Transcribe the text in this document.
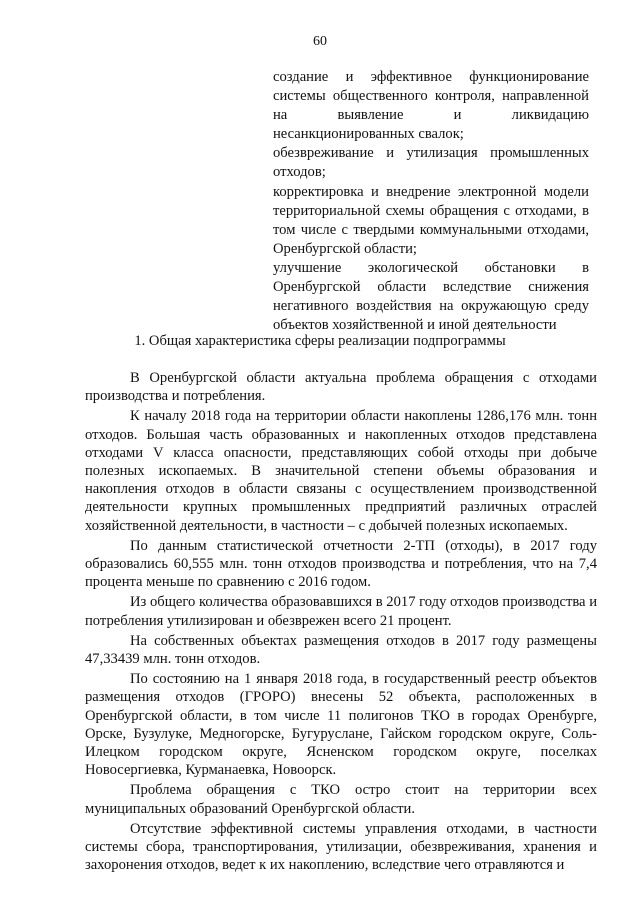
60

создание и эффективное функционирование системы общественного контроля, направленной на выявление и ликвидацию несанкционированных свалок;

обезвреживание и утилизация промышленных отходов;

корректировка и внедрение электронной модели территориальной схемы обращения с отходами, в том числе с твердыми коммунальными отходами, Оренбургской области;

улучшение экологической обстановки в Оренбургской области вследствие снижения негативного воздействия на окружающую среду объектов хозяйственной и иной деятельности

1. Общая характеристика сферы реализации подпрограммы

В Оренбургской области актуальна проблема обращения с отходами производства и потребления.

К началу 2018 года на территории области накоплены 1286,176 млн. тонн отходов. Большая часть образованных и накопленных отходов представлена отходами V класса опасности, представляющих собой отходы при добыче полезных ископаемых. В значительной степени объемы образования и накопления отходов в области связаны с осуществлением производственной деятельности крупных промышленных предприятий различных отраслей хозяйственной деятельности, в частности – с добычей полезных ископаемых.

По данным статистической отчетности 2-ТП (отходы), в 2017 году образовались 60,555 млн. тонн отходов производства и потребления, что на 7,4 процента меньше по сравнению с 2016 годом.

Из общего количества образовавшихся в 2017 году отходов производства и потребления утилизирован и обезврежен всего 21 процент.

На собственных объектах размещения отходов в 2017 году размещены 47,33439 млн. тонн отходов.

По состоянию на 1 января 2018 года, в государственный реестр объектов размещения отходов (ГРОРО) внесены 52 объекта, расположенных в Оренбургской области, в том числе 11 полигонов ТКО в городах Оренбурге, Орске, Бузулуке, Медногорске, Бугуруслане, Гайском городском округе, Соль-Илецком городском округе, Ясненском городском округе, поселках Новосергиевка, Курманаевка, Новоорск.

Проблема обращения с ТКО остро стоит на территории всех муниципальных образований Оренбургской области.

Отсутствие эффективной системы управления отходами, в частности системы сбора, транспортирования, утилизации, обезвреживания, хранения и захоронения отходов, ведет к их накоплению, вследствие чего отравляются и
